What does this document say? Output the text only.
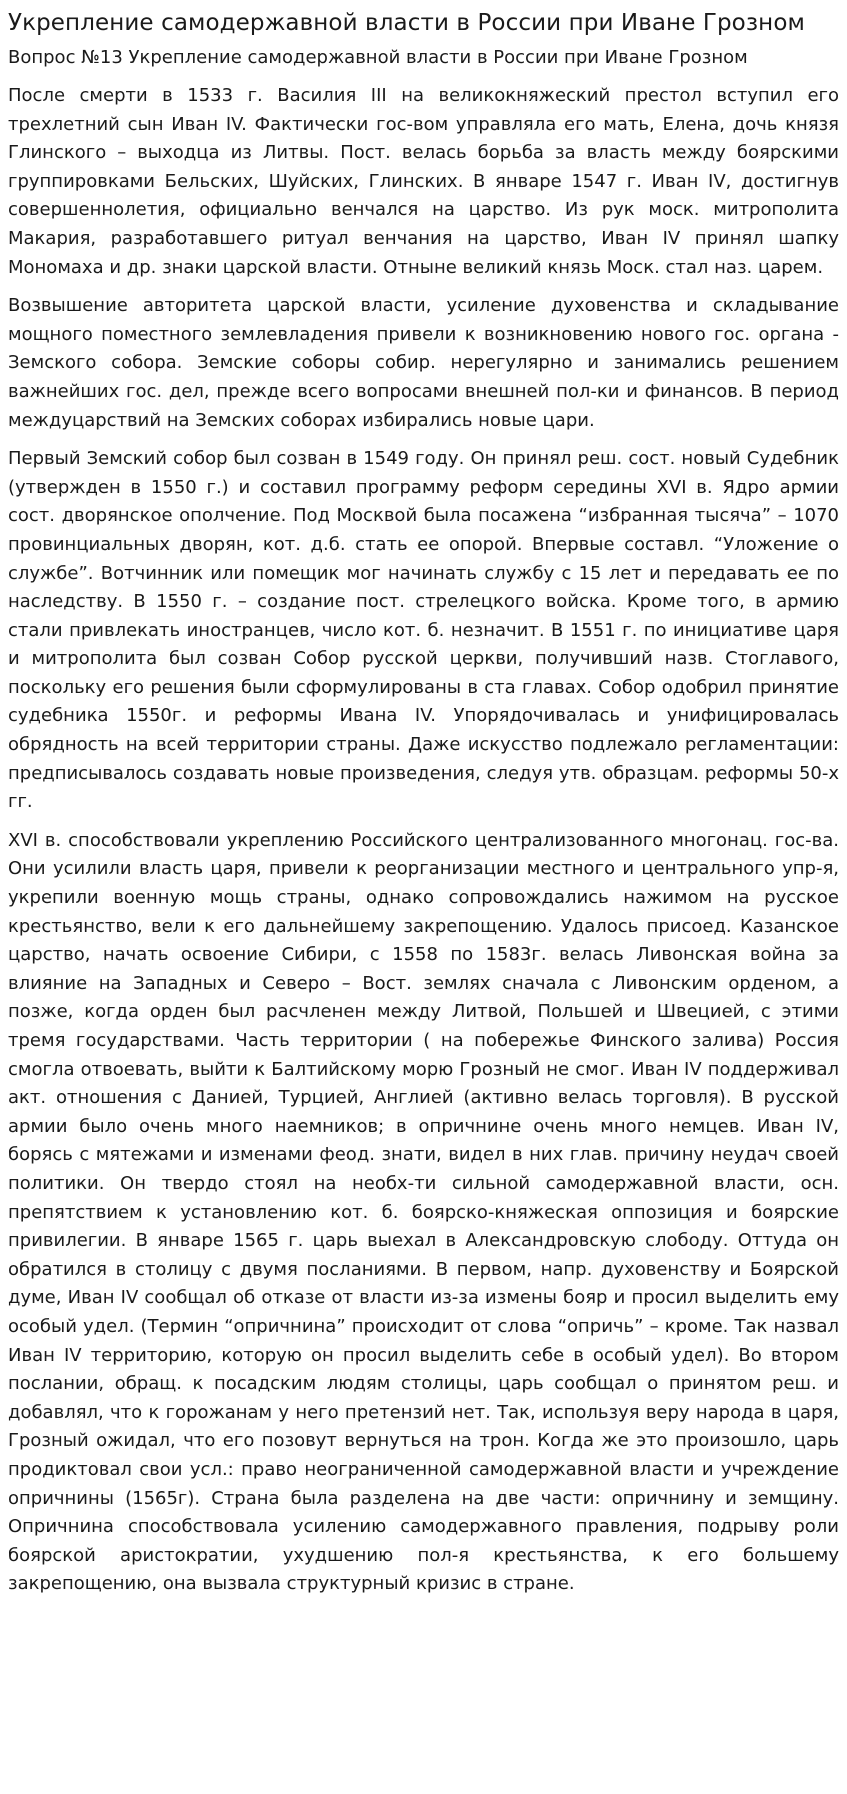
Укрепление самодержавной власти в России при Иване Грозном
Вопрос №13 Укрепление самодержавной власти в России при Иване Грозном

После смерти в 1533 г. Василия III на великокняжеский престол вступил его трехлетний сын Иван IV. Фактически гос-вом управляла его мать, Елена, дочь князя Глинского – выходца из Литвы. Пост. велась борьба за власть между боярскими группировками Бельских, Шуйских, Глинских. В январе 1547 г. Иван IV, достигнув совершеннолетия, официально венчался на царство. Из рук моск. митрополита Макария, разработавшего ритуал венчания на царство, Иван IV принял шапку Мономаха и др. знаки царской власти. Отныне великий князь Моск. стал наз. царем.

Возвышение авторитета царской власти, усиление духовенства и складывание мощного поместного землевладения привели к возникновению нового гос. органа - Земского собора. Земские соборы собир. нерегулярно и занимались решением важнейших гос. дел, прежде всего вопросами внешней пол-ки и финансов. В период междуцарствий на Земских соборах избирались новые цари.

Первый Земский собор был созван в 1549 году. Он принял реш. сост. новый Судебник (утвержден в 1550 г.) и составил программу реформ середины XVI в. Ядро армии сост. дворянское ополчение. Под Москвой была посажена “избранная тысяча” – 1070 провинциальных дворян, кот. д.б. стать ее опорой. Впервые составл. “Уложение о службе”. Вотчинник или помещик мог начинать службу с 15 лет и передавать ее по наследству. В 1550 г. – создание пост. стрелецкого войска. Кроме того, в армию стали привлекать иностранцев, число кот. б. незначит. В 1551 г. по инициативе царя и митрополита был созван Собор русской церкви, получивший назв. Стоглавого, поскольку его решения были сформулированы в ста главах. Собор одобрил принятие судебника 1550г. и реформы Ивана IV. Упорядочивалась и унифицировалась обрядность на всей территории страны. Даже искусство подлежало регламентации: предписывалось создавать новые произведения, следуя утв. образцам. реформы 50-х гг.

XVI в. способствовали укреплению Российского централизованного многонац. гос-ва. Они усилили власть царя, привели к реорганизации местного и центрального упр-я, укрепили военную мощь страны, однако сопровождались нажимом на русское крестьянство, вели к его дальнейшему закрепощению. Удалось присоед. Казанское царство, начать освоение Сибири, с 1558 по 1583г. велась Ливонская война за влияние на Западных и Северо – Вост. землях сначала с Ливонским орденом, а позже, когда орден был расчленен между Литвой, Польшей и Швецией, с этими тремя государствами. Часть территории ( на побережье Финского залива) Россия смогла отвоевать, выйти к Балтийскому морю Грозный не смог. Иван IV поддерживал акт. отношения с Данией, Турцией, Англией (активно велась торговля). В русской армии было очень много наемников; в опричнине очень много немцев. Иван IV, борясь с мятежами и изменами феод. знати, видел в них глав. причину неудач своей политики. Он твердо стоял на необх-ти сильной самодержавной власти, осн. препятствием к установлению кот. б. боярско-княжеская оппозиция и боярские привилегии. В январе 1565 г. царь выехал в Александровскую слободу. Оттуда он обратился в столицу с двумя посланиями. В первом, напр. духовенству и Боярской думе, Иван IV сообщал об отказе от власти из-за измены бояр и просил выделить ему особый удел. (Термин “опричнина” происходит от слова “опричь” – кроме. Так назвал Иван IV территорию, которую он просил выделить себе в особый удел). Во втором послании, обращ. к посадским людям столицы, царь сообщал о принятом реш. и добавлял, что к горожанам у него претензий нет. Так, используя веру народа в царя, Грозный ожидал, что его позовут вернуться на трон. Когда же это произошло, царь продиктовал свои усл.: право неограниченной самодержавной власти и учреждение опричнины (1565г). Страна была разделена на две части: опричнину и земщину. Опричнина способствовала усилению самодержавного правления, подрыву роли боярской аристократии, ухудшению пол-я крестьянства, к его большему закрепощению, она вызвала структурный кризис в стране.
